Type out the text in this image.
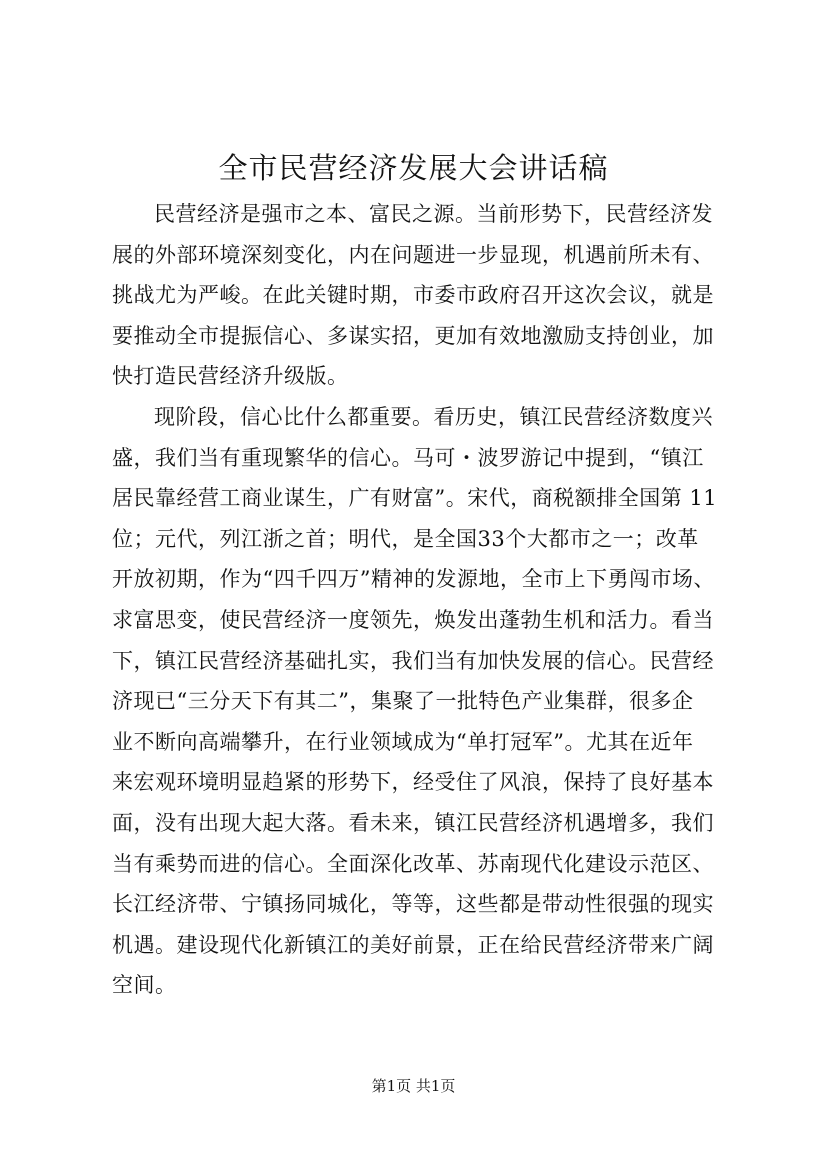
全市民营经济发展大会讲话稿
民营经济是强市之本、富民之源。当前形势下，民营经济发
展的外部环境深刻变化，内在问题进一步显现，机遇前所未有、
挑战尤为严峻。在此关键时期，市委市政府召开这次会议，就是
要推动全市提振信心、多谋实招，更加有效地激励支持创业，加
快打造民营经济升级版。
现阶段，信心比什么都重要。看历史，镇江民营经济数度兴
盛，我们当有重现繁华的信心。马可・波罗游记中提到，“镇江
居民靠经营工商业谋生，广有财富”。宋代，商税额排全国第 11
位；元代，列江浙之首；明代，是全国33个大都市之一；改革
开放初期，作为“四千四万”精神的发源地，全市上下勇闯市场、
求富思变，使民营经济一度领先，焕发出蓬勃生机和活力。看当
下，镇江民营经济基础扎实，我们当有加快发展的信心。民营经
济现已“三分天下有其二”，集聚了一批特色产业集群，很多企
业不断向高端攀升，在行业领域成为“单打冠军”。尤其在近年
来宏观环境明显趋紧的形势下，经受住了风浪，保持了良好基本
面，没有出现大起大落。看未来，镇江民营经济机遇增多，我们
当有乘势而进的信心。全面深化改革、苏南现代化建设示范区、
长江经济带、宁镇扬同城化，等等，这些都是带动性很强的现实
机遇。建设现代化新镇江的美好前景，正在给民营经济带来广阔
空间。
第1页 共1页
